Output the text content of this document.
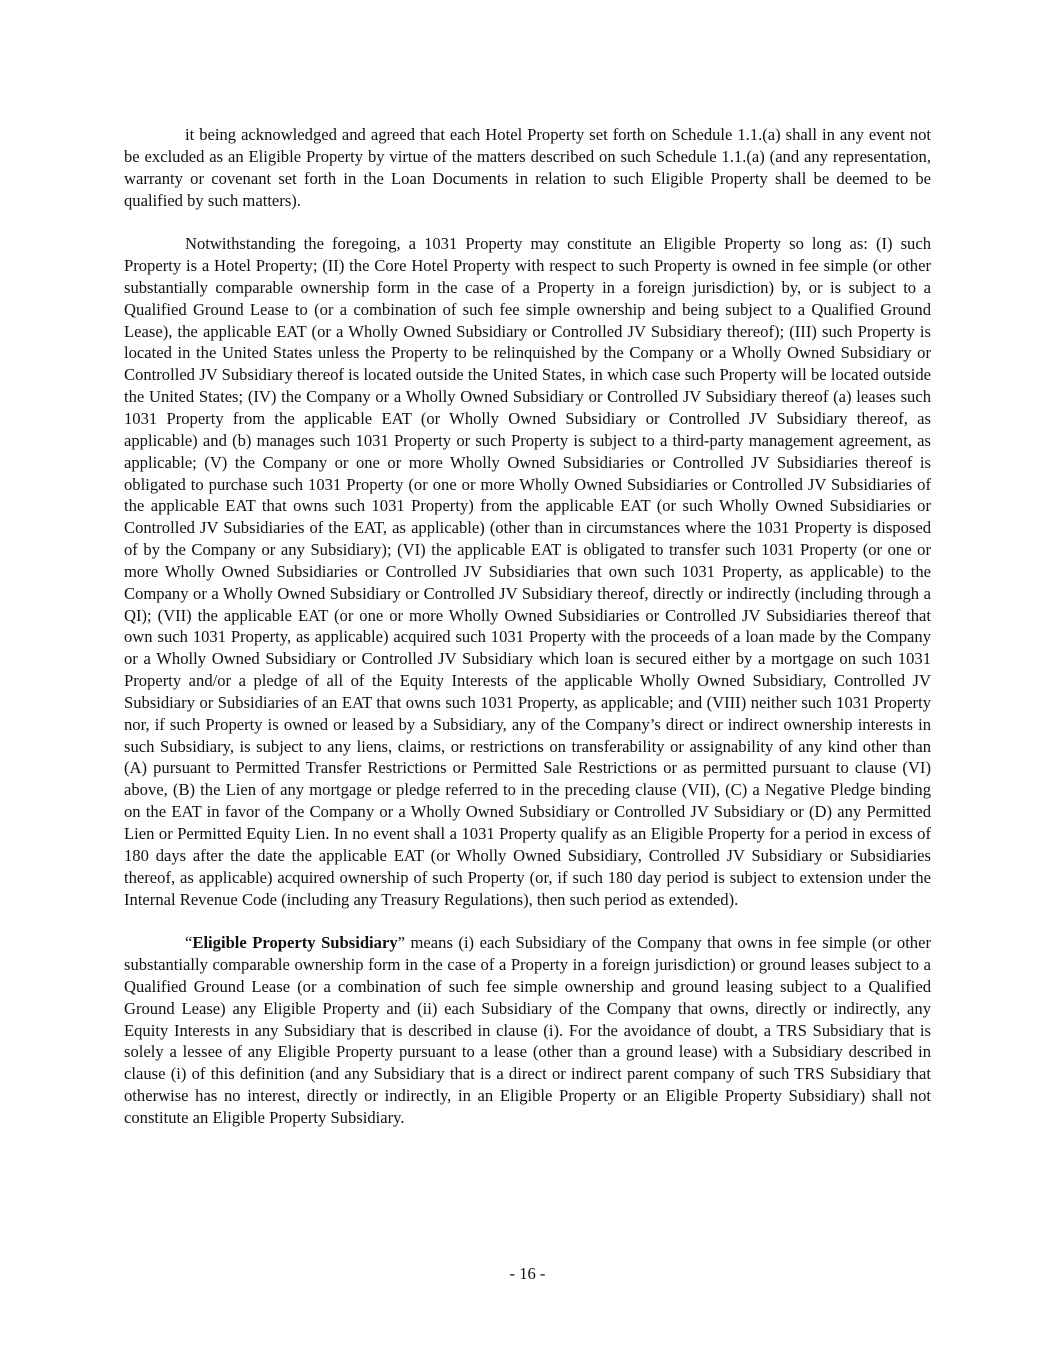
it being acknowledged and agreed that each Hotel Property set forth on Schedule 1.1.(a) shall in any event not be excluded as an Eligible Property by virtue of the matters described on such Schedule 1.1.(a) (and any representation, warranty or covenant set forth in the Loan Documents in relation to such Eligible Property shall be deemed to be qualified by such matters).

Notwithstanding the foregoing, a 1031 Property may constitute an Eligible Property so long as: (I) such Property is a Hotel Property; (II) the Core Hotel Property with respect to such Property is owned in fee simple (or other substantially comparable ownership form in the case of a Property in a foreign jurisdiction) by, or is subject to a Qualified Ground Lease to (or a combination of such fee simple ownership and being subject to a Qualified Ground Lease), the applicable EAT (or a Wholly Owned Subsidiary or Controlled JV Subsidiary thereof); (III) such Property is located in the United States unless the Property to be relinquished by the Company or a Wholly Owned Subsidiary or Controlled JV Subsidiary thereof is located outside the United States, in which case such Property will be located outside the United States; (IV) the Company or a Wholly Owned Subsidiary or Controlled JV Subsidiary thereof (a) leases such 1031 Property from the applicable EAT (or Wholly Owned Subsidiary or Controlled JV Subsidiary thereof, as applicable) and (b) manages such 1031 Property or such Property is subject to a third-party management agreement, as applicable; (V) the Company or one or more Wholly Owned Subsidiaries or Controlled JV Subsidiaries thereof is obligated to purchase such 1031 Property (or one or more Wholly Owned Subsidiaries or Controlled JV Subsidiaries of the applicable EAT that owns such 1031 Property) from the applicable EAT (or such Wholly Owned Subsidiaries or Controlled JV Subsidiaries of the EAT, as applicable) (other than in circumstances where the 1031 Property is disposed of by the Company or any Subsidiary); (VI) the applicable EAT is obligated to transfer such 1031 Property (or one or more Wholly Owned Subsidiaries or Controlled JV Subsidiaries that own such 1031 Property, as applicable) to the Company or a Wholly Owned Subsidiary or Controlled JV Subsidiary thereof, directly or indirectly (including through a QI); (VII) the applicable EAT (or one or more Wholly Owned Subsidiaries or Controlled JV Subsidiaries thereof that own such 1031 Property, as applicable) acquired such 1031 Property with the proceeds of a loan made by the Company or a Wholly Owned Subsidiary or Controlled JV Subsidiary which loan is secured either by a mortgage on such 1031 Property and/or a pledge of all of the Equity Interests of the applicable Wholly Owned Subsidiary, Controlled JV Subsidiary or Subsidiaries of an EAT that owns such 1031 Property, as applicable; and (VIII) neither such 1031 Property nor, if such Property is owned or leased by a Subsidiary, any of the Company’s direct or indirect ownership interests in such Subsidiary, is subject to any liens, claims, or restrictions on transferability or assignability of any kind other than (A) pursuant to Permitted Transfer Restrictions or Permitted Sale Restrictions or as permitted pursuant to clause (VI) above, (B) the Lien of any mortgage or pledge referred to in the preceding clause (VII), (C) a Negative Pledge binding on the EAT in favor of the Company or a Wholly Owned Subsidiary or Controlled JV Subsidiary or (D) any Permitted Lien or Permitted Equity Lien. In no event shall a 1031 Property qualify as an Eligible Property for a period in excess of 180 days after the date the applicable EAT (or Wholly Owned Subsidiary, Controlled JV Subsidiary or Subsidiaries thereof, as applicable) acquired ownership of such Property (or, if such 180 day period is subject to extension under the Internal Revenue Code (including any Treasury Regulations), then such period as extended).

“Eligible Property Subsidiary” means (i) each Subsidiary of the Company that owns in fee simple (or other substantially comparable ownership form in the case of a Property in a foreign jurisdiction) or ground leases subject to a Qualified Ground Lease (or a combination of such fee simple ownership and ground leasing subject to a Qualified Ground Lease) any Eligible Property and (ii) each Subsidiary of the Company that owns, directly or indirectly, any Equity Interests in any Subsidiary that is described in clause (i). For the avoidance of doubt, a TRS Subsidiary that is solely a lessee of any Eligible Property pursuant to a lease (other than a ground lease) with a Subsidiary described in clause (i) of this definition (and any Subsidiary that is a direct or indirect parent company of such TRS Subsidiary that otherwise has no interest, directly or indirectly, in an Eligible Property or an Eligible Property Subsidiary) shall not constitute an Eligible Property Subsidiary.

- 16 -
